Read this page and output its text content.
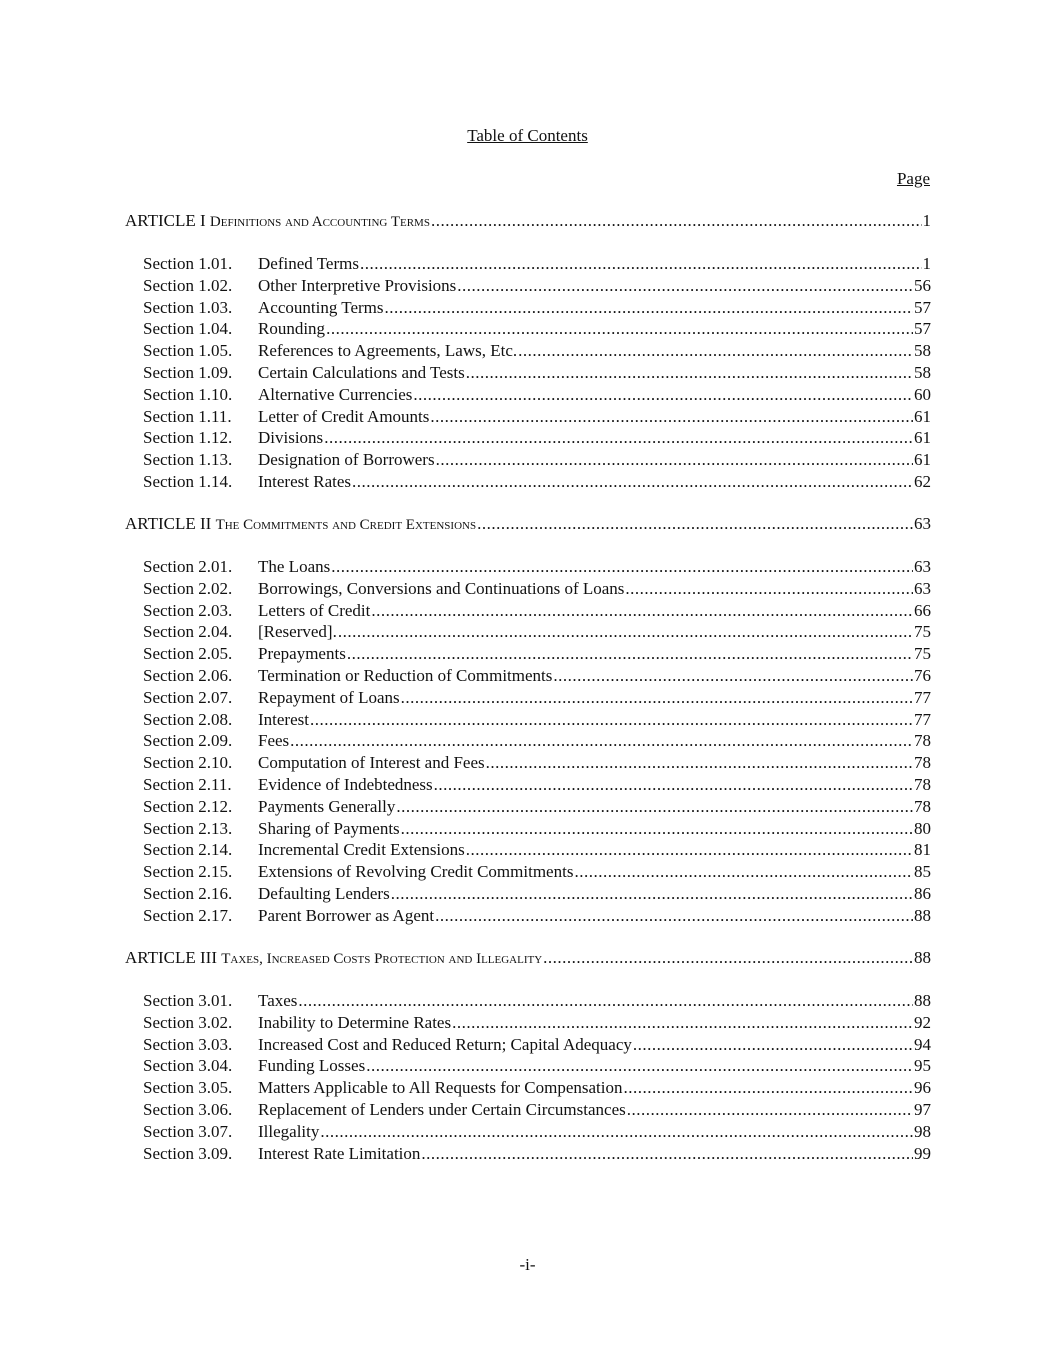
Table of Contents
Page
ARTICLE I
Definitions and Accounting Terms .....	1
Section 1.01.	Defined Terms .....	1
Section 1.02.	Other Interpretive Provisions .....	56
Section 1.03.	Accounting Terms .....	57
Section 1.04.	Rounding .....	57
Section 1.05.	References to Agreements, Laws, Etc. .....	58
Section 1.09.	Certain Calculations and Tests .....	58
Section 1.10.	Alternative Currencies .....	60
Section 1.11.	Letter of Credit Amounts .....	61
Section 1.12.	Divisions .....	61
Section 1.13.	Designation of Borrowers .....	61
Section 1.14.	Interest Rates .....	62
ARTICLE II
The Commitments and Credit Extensions .....	63
Section 2.01.	The Loans .....	63
Section 2.02.	Borrowings, Conversions and Continuations of Loans .....	63
Section 2.03.	Letters of Credit .....	66
Section 2.04.	[Reserved]. .....	75
Section 2.05.	Prepayments .....	75
Section 2.06.	Termination or Reduction of Commitments .....	76
Section 2.07.	Repayment of Loans .....	77
Section 2.08.	Interest .....	77
Section 2.09.	Fees .....	78
Section 2.10.	Computation of Interest and Fees .....	78
Section 2.11.	Evidence of Indebtedness .....	78
Section 2.12.	Payments Generally .....	78
Section 2.13.	Sharing of Payments .....	80
Section 2.14.	Incremental Credit Extensions .....	81
Section 2.15.	Extensions of Revolving Credit Commitments .....	85
Section 2.16.	Defaulting Lenders .....	86
Section 2.17.	Parent Borrower as Agent .....	88
ARTICLE III
Taxes, Increased Costs Protection and Illegality .....	88
Section 3.01.	Taxes .....	88
Section 3.02.	Inability to Determine Rates .....	92
Section 3.03.	Increased Cost and Reduced Return; Capital Adequacy .....	94
Section 3.04.	Funding Losses .....	95
Section 3.05.	Matters Applicable to All Requests for Compensation .....	96
Section 3.06.	Replacement of Lenders under Certain Circumstances .....	97
Section 3.07.	Illegality .....	98
Section 3.09.	Interest Rate Limitation .....	99
-i-
